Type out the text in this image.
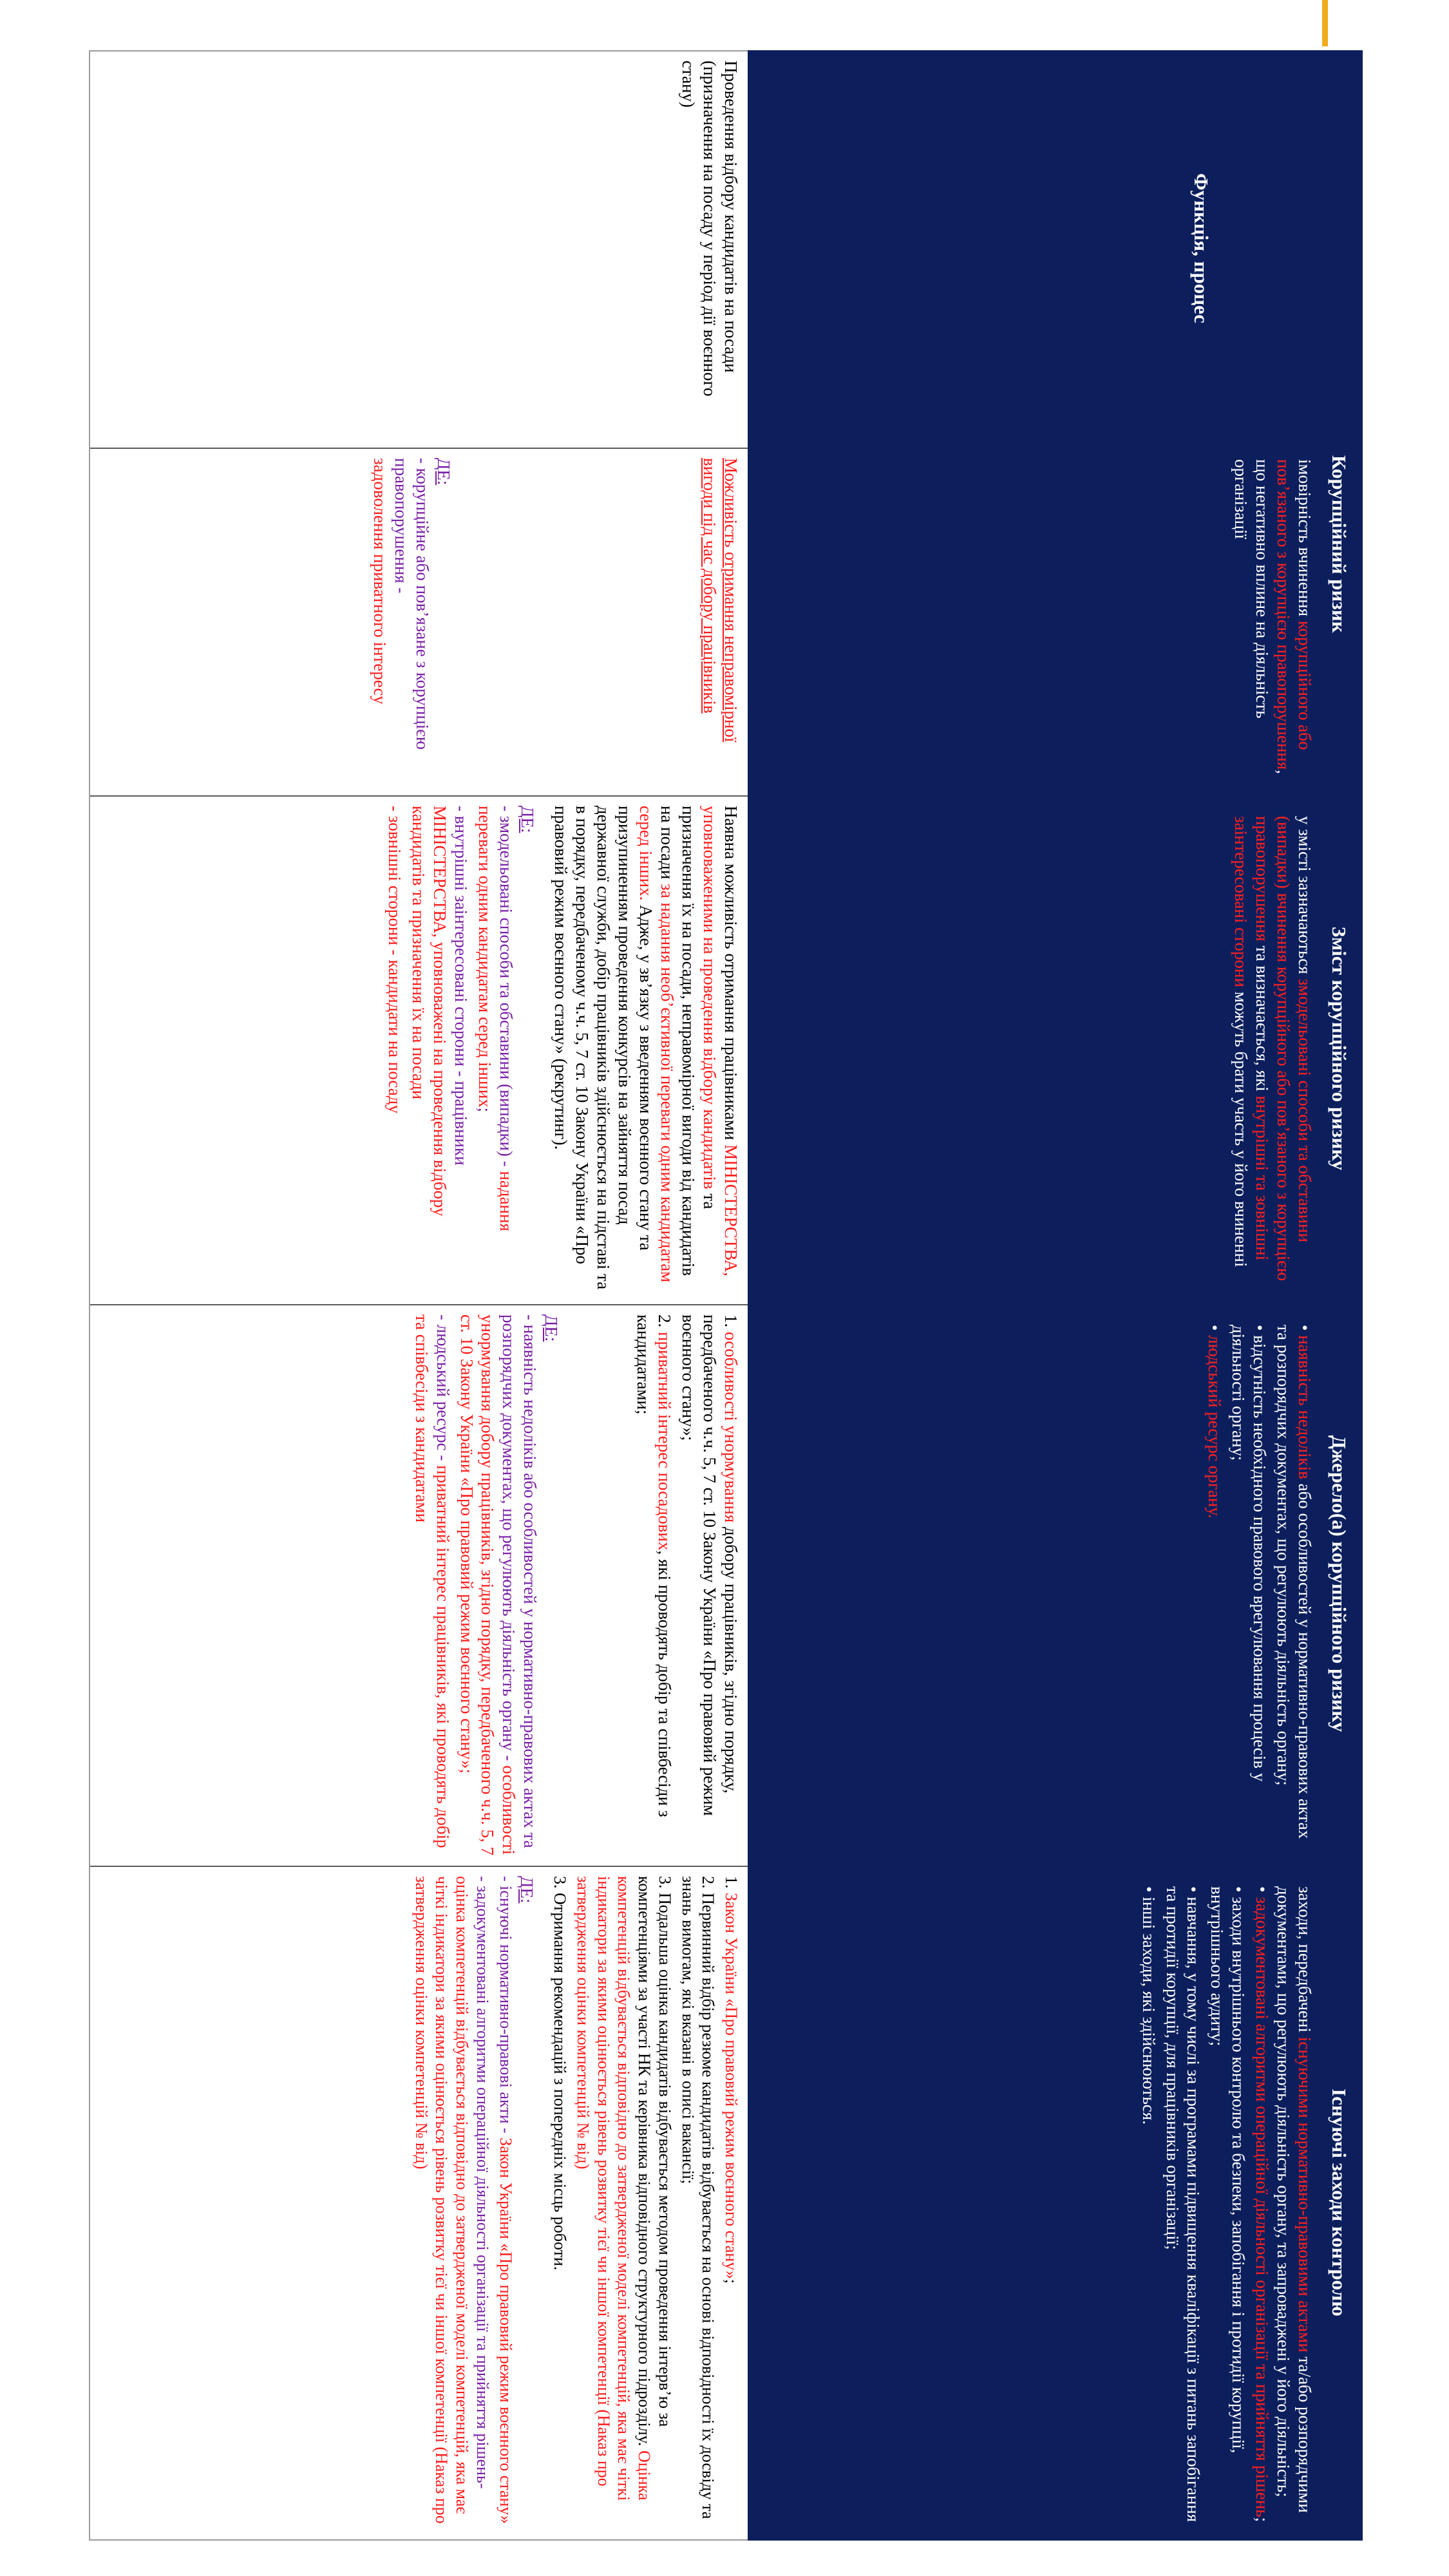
Функція, процес
Корупційний ризик
імовірність вчинення корупційного або пов’язаного з корупцією правопорушення, що негативно вплине на діяльність організації
Зміст корупційного ризику
у змісті зазначаються змодельовані способи та обставини (випадки) вчинення корупційного або пов’язаного з корупцією правопорушення та визначається, які внутрішні та зовнішні заінтересовані сторони можуть брати участь у його вчиненні
Джерело(а) корупційного ризику

• наявність недоліків або особливостей у нормативно-правових актах та розпорядчих документах, що регулюють діяльність органу;

• відсутність необхідного правового врегулювання процесів у діяльності органу;

• людський ресурс органу.

Існуючі заходи контролю
заходи, передбачені існуючими нормативно-правовими актами та/або розпорядчими документами, що регулюють діяльність органу, та запроваджені у його діяльність;

• задокументовані алгоритми операційної діяльності організації та прийняття рішень;

• заходи внутрішнього контролю та безпеки, запобігання і протидії корупції, внутрішнього аудиту;

• навчання, у тому числі за програмами підвищення кваліфікації з питань запобігання та протидії корупції, для працівників організації;

• інші заходи, які здійснюються.

Проведення відбору кандидатів на посади (призначення на посаду у період дії воєнного стану)

Можливість отримання неправомірної вигоди під час добору працівників

ДЕ:

- корупційне або пов’язане з корупцією правопорушення -

задоволення приватного інтересу

Наявна можливість отримання працівниками МІНІСТЕРСТВА, уповноваженими на проведення відбору кандидатів та призначення їх на посади, неправомірної вигоди від кандидатів на посади за надання необ’єктивної переваги одним кандидатам серед інших. Адже, у зв’язку з введенням воєнного стану та призупиненням проведення конкурсів на зайняття посад державної служби, добір працівників здійснюється на підставі та в порядку, передбаченому ч.ч. 5, 7 ст. 10 Закону України «Про правовий режим воєнного стану» (рекрутинг).

ДЕ:

- змодельовані способи та обставини (випадки) - надання переваги одним кандидатам серед інших;

- внутрішні заінтересовані сторони - працівники МІНІСТЕРСТВА, уповноважені на проведення відбору кандидатів та призначення їх на посади

- зовнішні сторони - кандидати на посаду

1. особливості унормування добору працівників, згідно порядку, передбаченого ч.ч. 5, 7 ст. 10 Закону України «Про правовий режим воєнного стану»;

2. приватний інтерес посадових, які проводять добір та співбесіди з кандидатами;

ДЕ:

- наявність недоліків або особливостей у нормативно-правових актах та розпорядчих документах, що регулюють діяльність органу - особливості унормування добору працівників, згідно порядку, передбаченого ч.ч. 5, 7 ст. 10 Закону України «Про правовий режим воєнного стану»;

- людський ресурс - приватний інтерес працівників, які проводять добір та співбесіди з кандидатами

1. Закон України «Про правовий режим воєнного стану»;

2. Первинний відбір резюме кандидатів відбувається на основі відповідності їх досвіду та знань вимогам, які вказані в описі вакансії;

3. Подальша оцінка кандидатів відбувається методом проведення інтерв’ю за компетенціями за участі НК та керівника відповідного структурного підрозділу. Оцінка компетенцій відбувається відповідно до затвердженої моделі компетенцій, яка має чіткі індикатори за якими оцінюється рівень розвитку тієї чи іншої компетенції (Наказ про затвердження оцінки компетенцій № від)

3. Отримання рекомендацій з попередніх місць роботи.

ДЕ:

- існуючі нормативно-правові акти - Закон України «Про правовий режим воєнного стану»

- задокументовані алгоритми операційної діяльності організації та прийняття рішень- оцінка компетенцій відбувається відповідно до затвердженої моделі компетенцій, яка має чіткі індикатори за якими оцінюється рівень розвитку тієї чи іншої компетенції (Наказ про затвердження оцінки компетенцій № від)
